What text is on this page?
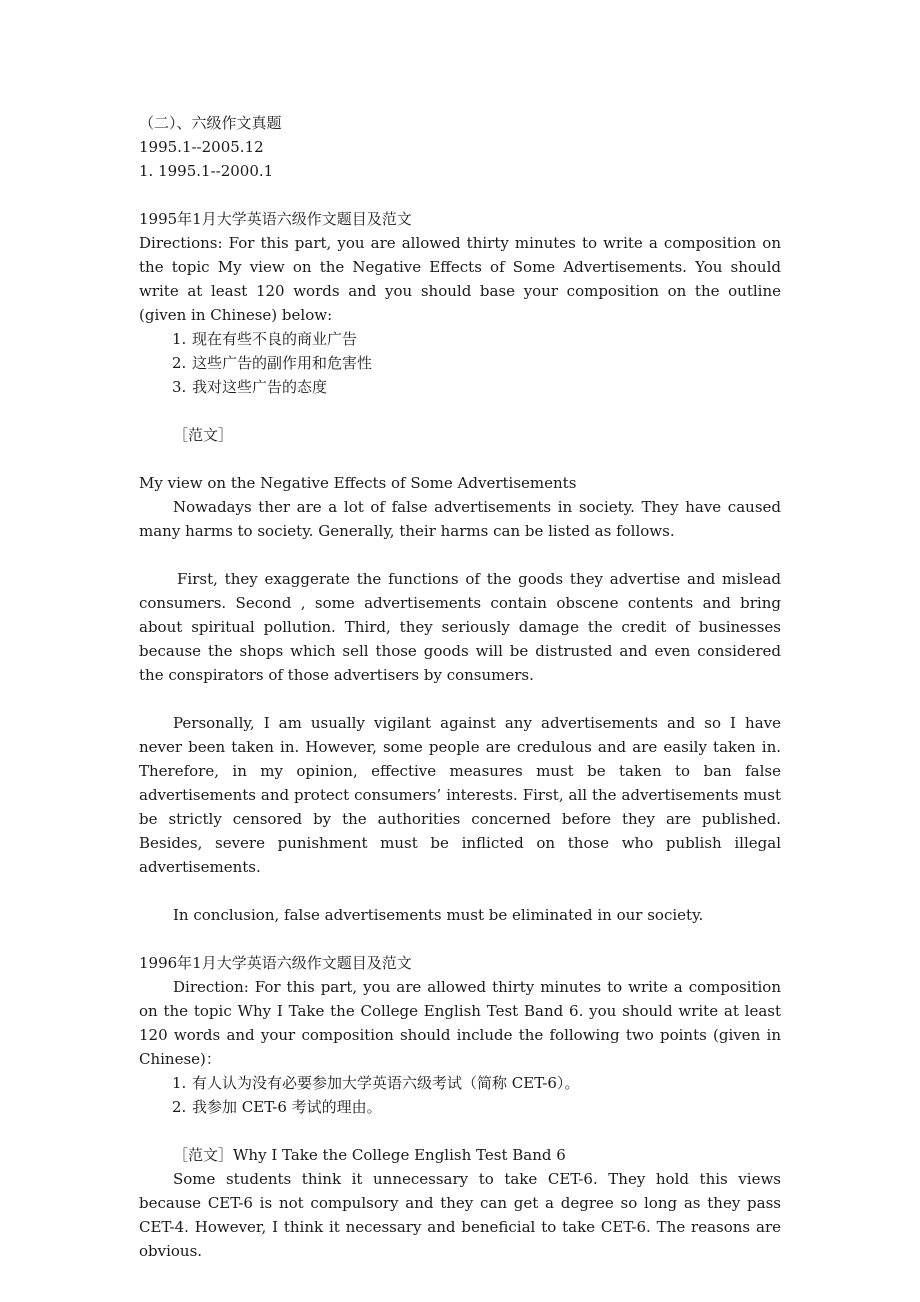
（二）、六级作文真题
1995.1--2005.12
1. 1995.1--2000.1
1995年1月大学英语六级作文题目及范文

Directions: For this part, you are allowed thirty minutes to write a composition on the topic My view on the Negative Effects of Some Advertisements. You should write at least 120 words and you should base your composition on the outline (given in Chinese) below:

1. 现在有些不良的商业广告
2. 这些广告的副作用和危害性
3. 我对这些广告的态度
［范文］
My view on the Negative Effects of Some Advertisements

Nowadays ther are a lot of false advertisements in society. They have caused many harms to society. Generally, their harms can be listed as follows.

First, they exaggerate the functions of the goods they advertise and mislead consumers. Second , some advertisements contain obscene contents and bring about spiritual pollution. Third, they seriously damage the credit of businesses because the shops which sell those goods will be distrusted and even considered the conspirators of those advertisers by consumers.

Personally, I am usually vigilant against any advertisements and so I have never been taken in. However, some people are credulous and are easily taken in. Therefore, in my opinion, effective measures must be taken to ban false advertisements and protect consumers’ interests. First, all the advertisements must be strictly censored by the authorities concerned before they are published. Besides, severe punishment must be inflicted on those who publish illegal advertisements.

In conclusion, false advertisements must be eliminated in our society.

1996年1月大学英语六级作文题目及范文

Direction: For this part, you are allowed thirty minutes to write a composition on the topic Why I Take the College English Test Band 6. you should write at least 120 words and your composition should include the following two points (given in Chinese)：

1. 有人认为没有必要参加大学英语六级考试（简称 CET-6）。
2. 我参加 CET-6 考试的理由。
［范文］Why I Take the College English Test Band 6

Some students think it unnecessary to take CET-6. They hold this views because CET-6 is not compulsory and they can get a degree so long as they pass CET-4. However, I think it necessary and beneficial to take CET-6. The reasons are obvious.
